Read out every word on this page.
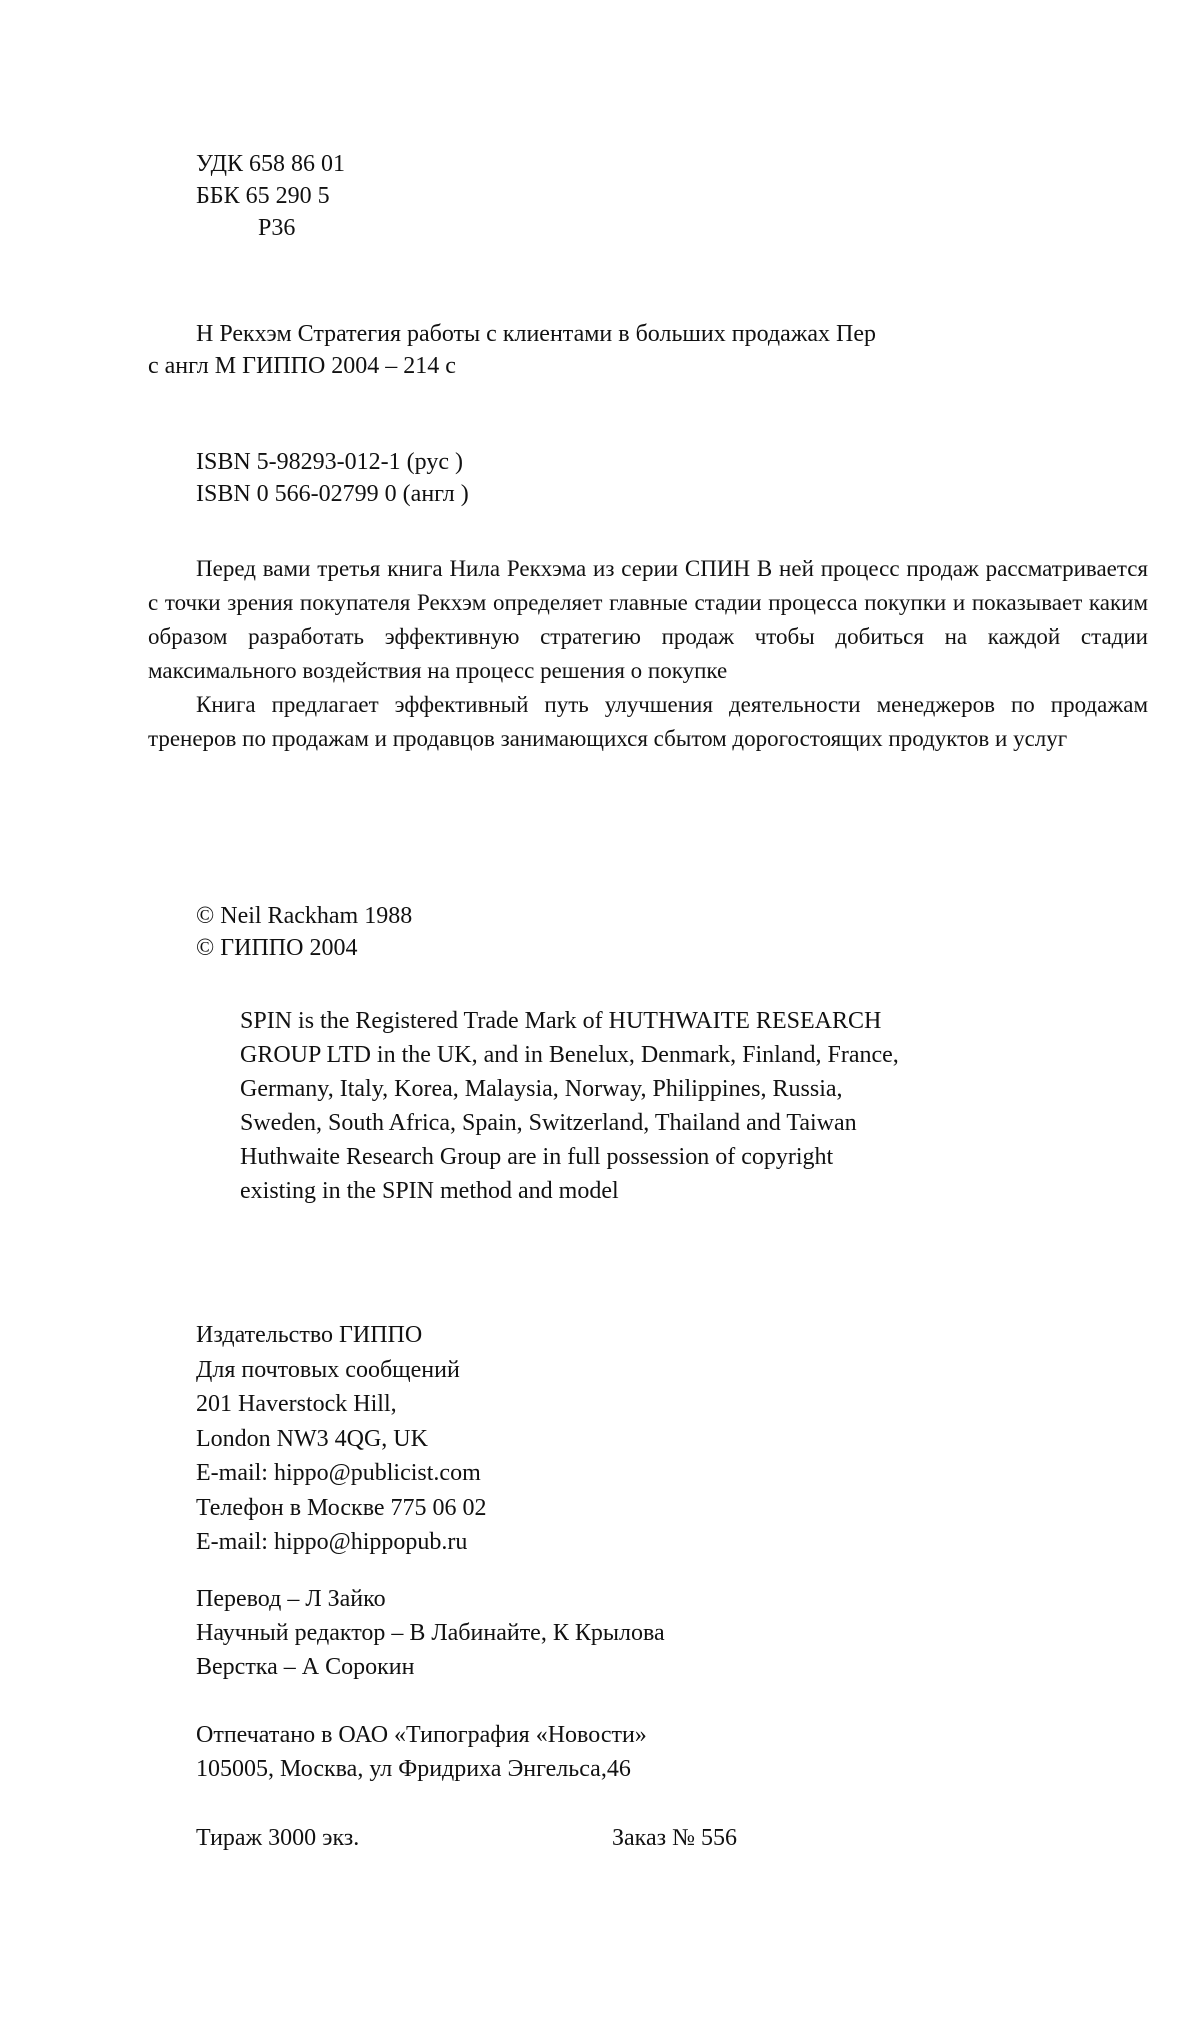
УДК 658 86 01
ББК 65 290 5
Р36
Н Рекхэм Стратегия работы с клиентами в больших продажах Пер
с англ М ГИППО 2004 – 214 с
ISBN 5-98293-012-1 (рус )
ISBN 0 566-02799 0 (англ )
Перед вами третья книга Нила Рекхэма из серии СПИН В ней процесс продаж рассматривается с точки зрения покупателя Рекхэм определяет главные стадии процесса покупки и показывает каким образом разработать эффективную стратегию продаж чтобы добиться на каждой стадии максимального воздействия на процесс решения о покупке
Книга предлагает эффективный путь улучшения деятельности менеджеров по продажам тренеров по продажам и продавцов занимающихся сбытом дорогостоящих продуктов и услуг
© Neil Rackham 1988
© ГИППО 2004
SPIN is the Registered Trade Mark of HUTHWAITE RESEARCH
GROUP LTD in the UK, and in Benelux, Denmark, Finland, France,
Germany, Italy, Korea, Malaysia, Norway, Philippines, Russia,
Sweden, South Africa, Spain, Switzerland, Thailand and Taiwan
Huthwaite Research Group are in full possession of copyright
existing in the SPIN method and model
Издательство ГИППО
Для почтовых сообщений
201 Haverstock Hill,
London NW3 4QG, UK
E-mail: hippo@publicist.com
Телефон в Москве 775 06 02
E-mail: hippo@hippopub.ru
Перевод – Л Зайко
Научный редактор – В Лабинайте, К Крылова
Верстка – А Сорокин
Отпечатано в ОАО «Типография «Новости»
105005, Москва, ул Фридриха Энгельса,46
Тираж 3000 экз.	Заказ № 556
